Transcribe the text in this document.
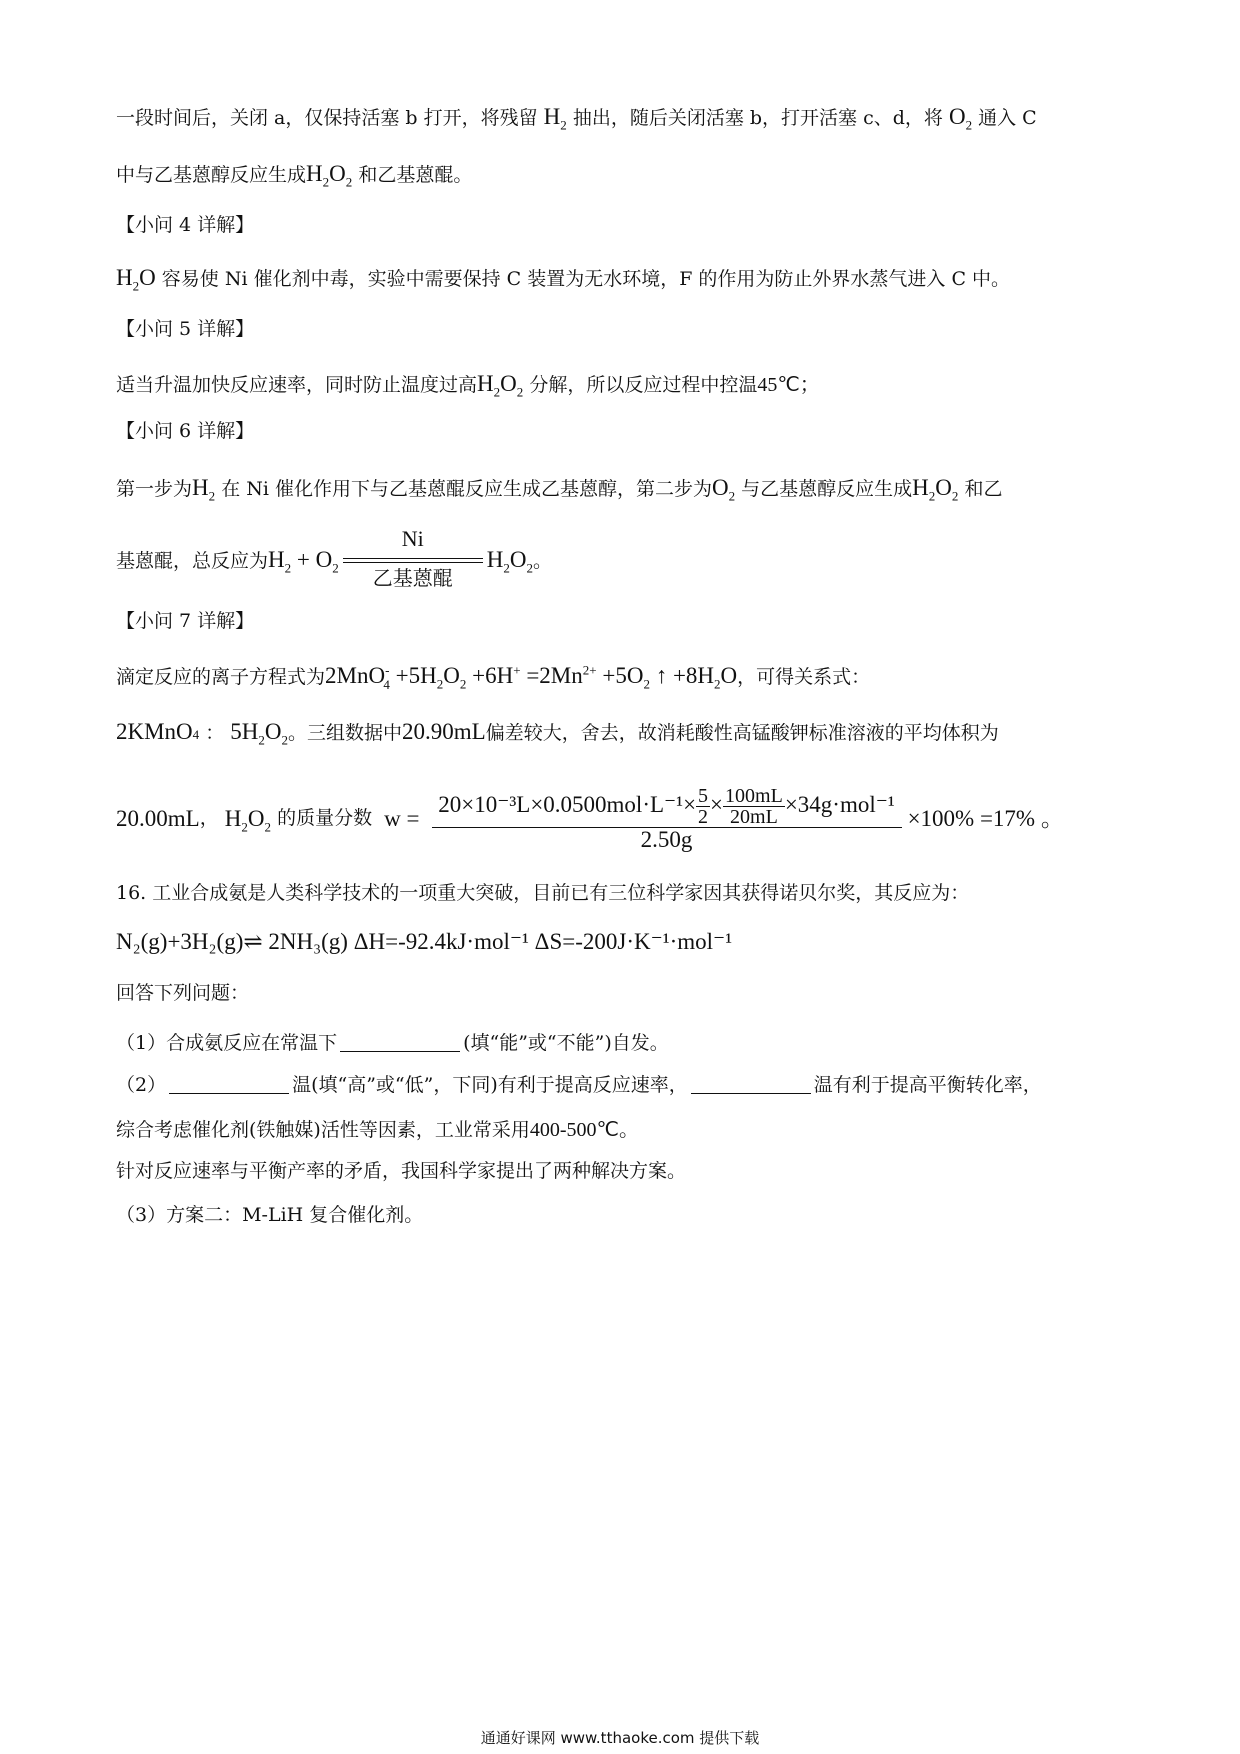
一段时间后，关闭 a，仅保持活塞 b 打开，将残留 $H_2$ 抽出，随后关闭活塞 b，打开活塞 c、d，将 $O_2$ 通入 C
中与乙基蒽醇反应生成$H_2O_2$ 和乙基蒽醌。
【小问 4 详解】
$H_2O$ 容易使 Ni 催化剂中毒，实验中需要保持 C 装置为无水环境，F 的作用为防止外界水蒸气进入 C 中。
【小问 5 详解】
适当升温加快反应速率，同时防止温度过高$H_2O_2$ 分解，所以反应过程中控温45℃；
【小问 6 详解】
第一步为$H_2$ 在 Ni 催化作用下与乙基蒽醌反应生成乙基蒽醇，第二步为$O_2$ 与乙基蒽醇反应生成$H_2O_2$ 和乙
基蒽醌，总反应为$H_2 + O_2$
Ni
乙基蒽醌
$H_2O_2$。
【小问 7 详解】
滴定反应的离子方程式为$2MnO^-_4 +5H_2O_2 +6H^+ =2Mn^{2+} +5O_2$ ↑ $+8H_2O$，可得关系式：
2KMnO4 ： $5H_2O_2$。三组数据中20.90mL偏差较大，舍去，故消耗酸性高锰酸钾标准溶液的平均体积为
20.00mL， $H_2O_2$ 的质量分数 $w = \frac{20\times 10^{-3}L\times 0.0500mol\cdot L^{-1}\times \frac{5}{2} \times \frac{100mL}{20mL} \times 34g\cdot mol^{-1}}{2.50g} \times 100\% =17\%$ 。
16. 工业合成氨是人类科学技术的一项重大突破，目前已有三位科学家因其获得诺贝尔奖，其反应为：
N₂(g)+3H₂(g)⇌ 2NH₃(g) ΔH=-92.4kJ·mol⁻¹ ΔS=-200J·K⁻¹·mol⁻¹
回答下列问题：
（1）合成氨反应在常温下	(填“能”或“不能”)自发。
（2）	温(填“高”或“低”，下同)有利于提高反应速率，	温有利于提高平衡转化率，
综合考虑催化剂(铁触媒)活性等因素，工业常采用400-500℃。
针对反应速率与平衡产率的矛盾，我国科学家提出了两种解决方案。
（3）方案二：M-LiH 复合催化剂。
通通好课网 www.tthaoke.com 提供下载
